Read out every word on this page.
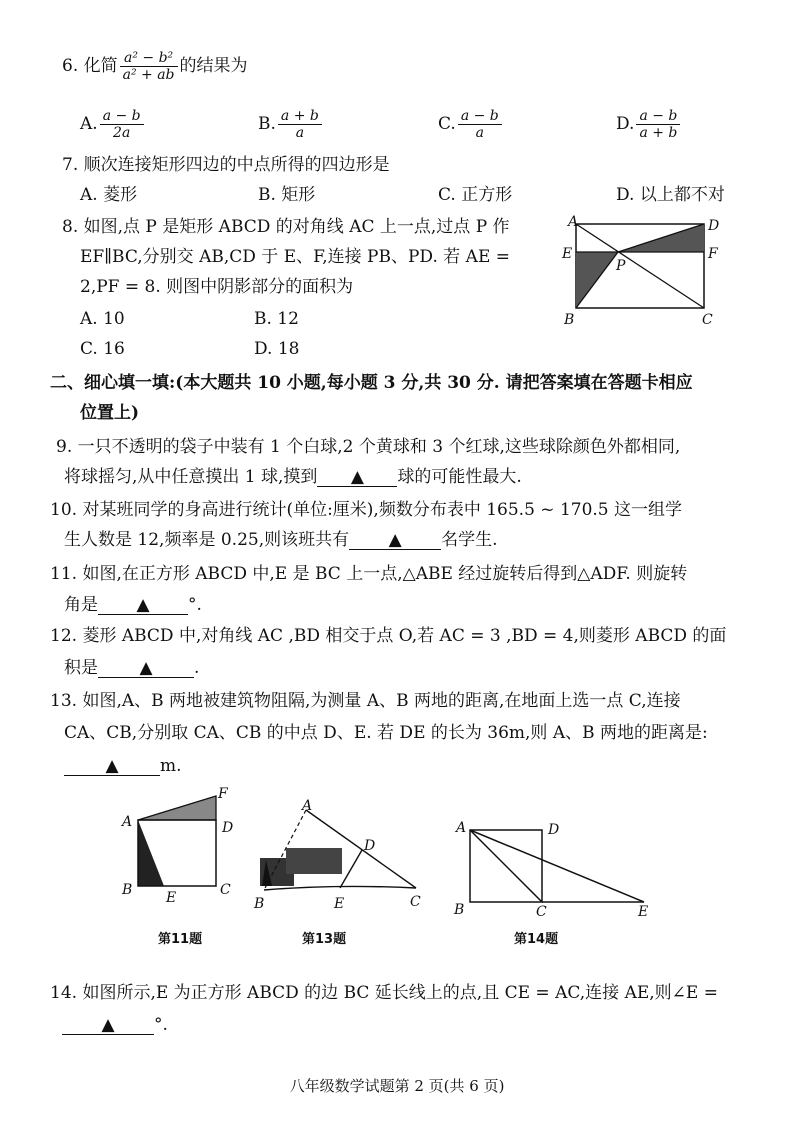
6. 化简 $\frac{\text{a² − b²}}{\text{a² + ab}}$ 的结果为
A. $\frac{a - b}{2a}$	B. $\frac{a + b}{a}$	C. $\frac{a - b}{a}$	D. $\frac{a - b}{a + b}$
7. 顺次连接矩形四边的中点所得的四边形是
A. 菱形	B. 矩形	C. 正方形	D. 以上都不对
8. 如图,点 P 是矩形 ABCD 的对角线 AC 上一点,过点 P 作
EF∥BC,分别交 AB,CD 于 E、F,连接 PB、PD. 若 AE =
2,PF = 8. 则图中阴影部分的面积为
A. 10	B. 12
C. 16	D. 18
A	D
E
P
F
B	C
二、细心填一填:(本大题共 10 小题,每小题 3 分,共 30 分. 请把答案填在答题卡相应
位置上)
9. 一只不透明的袋子中装有 1 个白球,2 个黄球和 3 个红球,这些球除颜色外都相同,
将球摇匀,从中任意摸出 1 球,摸到 ▲ 球的可能性最大.
10. 对某班同学的身高进行统计(单位:厘米),频数分布表中 165.5 ~ 170.5 这一组学
生人数是 12,频率是 0.25,则该班共有 ▲ 名学生.
11. 如图,在正方形 ABCD 中,E 是 BC 上一点,△ABE 经过旋转后得到△ADF. 则旋转
角是 ▲ °.
12. 菱形 ABCD 中,对角线 AC ,BD 相交于点 O,若 AC = 3 ,BD = 4,则菱形 ABCD 的面
积是 ▲ .
13. 如图,A、B 两地被建筑物阻隔,为测量 A、B 两地的距离,在地面上选一点 C,连接
CA、CB,分别取 CA、CB 的中点 D、E. 若 DE 的长为 36m,则 A、B 两地的距离是:
▲ m.
F
A	D
B E	C
第11题
A
D
B	E	C
第13题
A	D
B	C	E
第14题
14. 如图所示,E 为正方形 ABCD 的边 BC 延长线上的点,且 CE = AC,连接 AE,则∠E =
▲ °.
八年级数学试题第 2 页(共 6 页)
